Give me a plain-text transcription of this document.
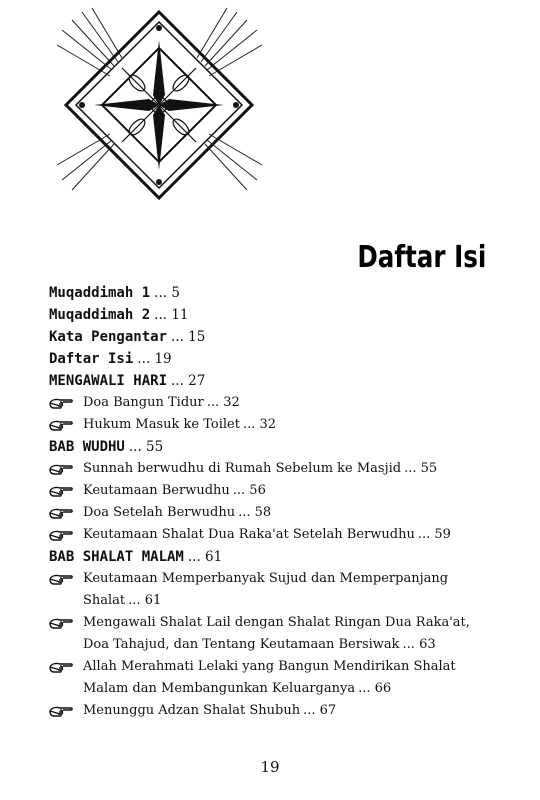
Daftar Isi
Muqaddimah 1 ... 5
Muqaddimah 2 ... 11
Kata Pengantar ... 15
Daftar Isi ... 19
MENGAWALI HARI ... 27
Doa Bangun Tidur ... 32
Hukum Masuk ke Toilet ... 32
BAB WUDHU ... 55
Sunnah berwudhu di Rumah Sebelum ke Masjid ... 55
Keutamaan Berwudhu ... 56
Doa Setelah Berwudhu ... 58
Keutamaan Shalat Dua Raka'at Setelah Berwudhu ... 59
BAB SHALAT MALAM ... 61
Keutamaan Memperbanyak Sujud dan Memperpanjang Shalat ... 61
Mengawali Shalat Lail dengan Shalat Ringan Dua Raka'at, Doa Tahajud, dan Tentang Keutamaan Bersiwak ... 63
Allah Merahmati Lelaki yang Bangun Mendirikan Shalat Malam dan Membangunkan Keluarganya ... 66
Menunggu Adzan Shalat Shubuh ... 67
19
